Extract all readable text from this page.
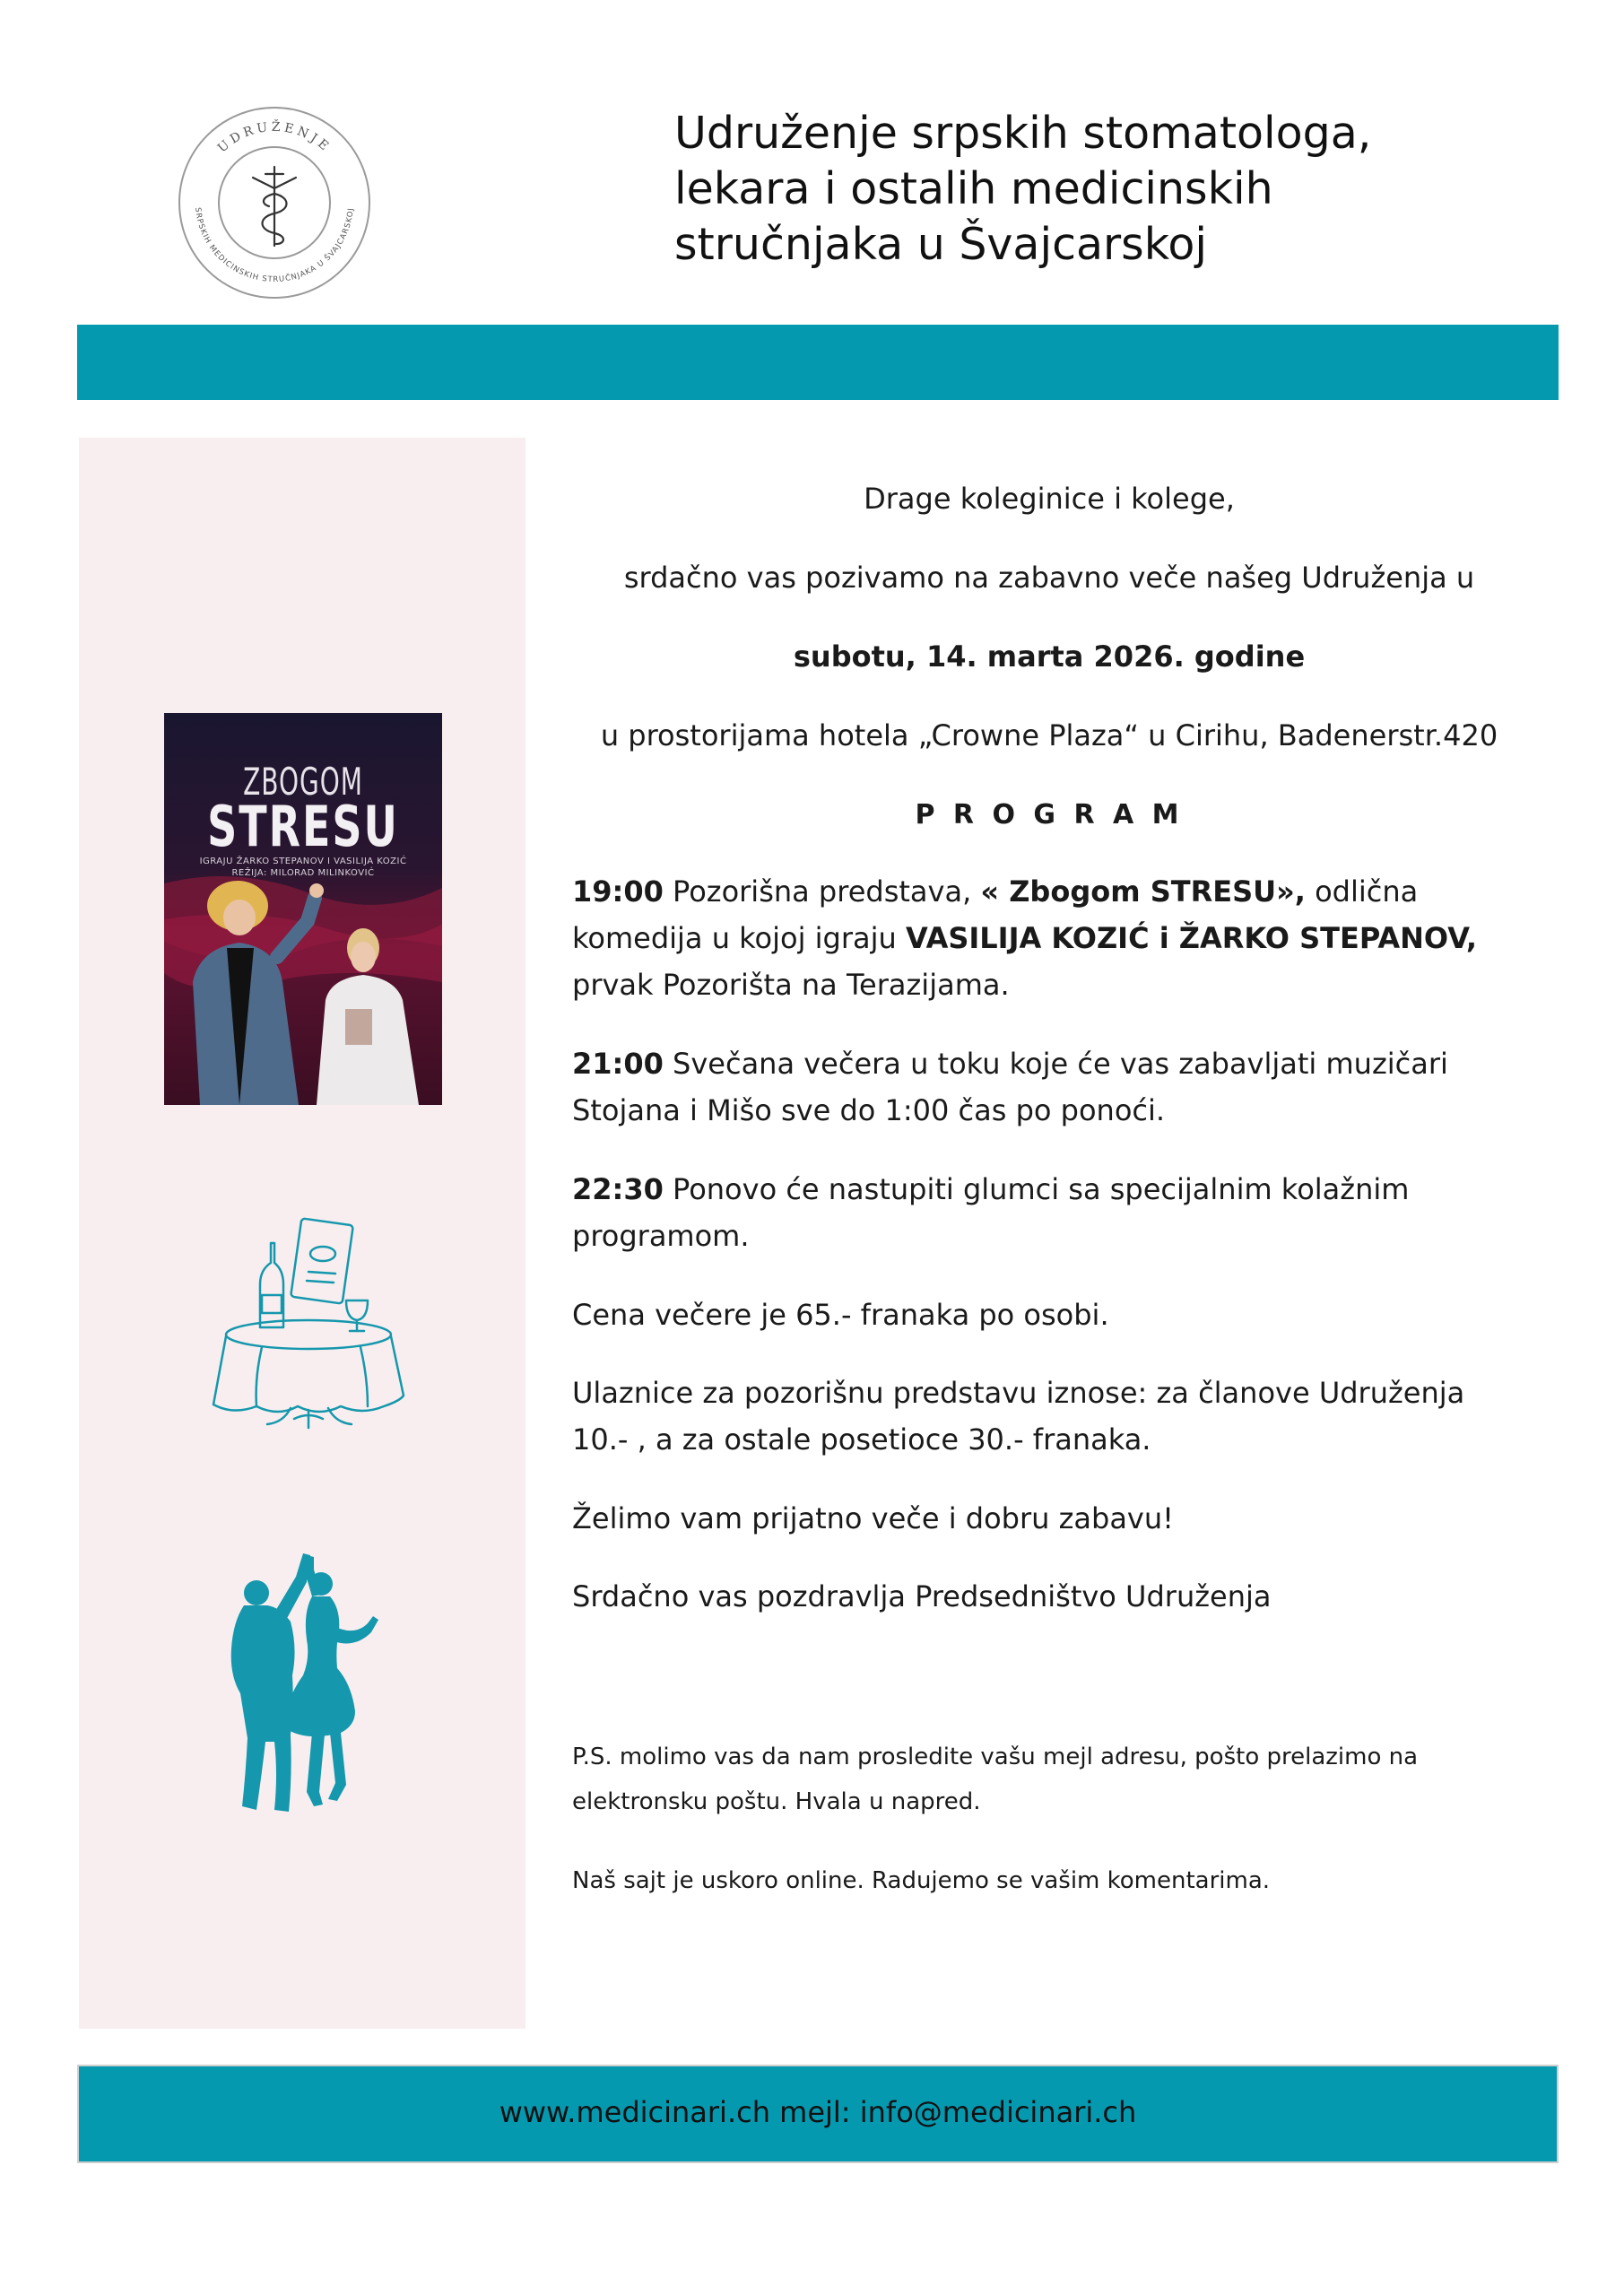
UDRUŽENJE
SRPSKIH MEDICINSKIH STRUČNJAKA U ŠVAJCARSKOJ
Udruženje srpskih stomatologa,
lekara i ostalih medicinskih
stručnjaka u Švajcarskoj
ZBOGOM
STRESU
IGRAJU ŽARKO STEPANOV I VASILIJA KOZIĆ
REŽIJA: MILORAD MILINKOVIĆ
Drage koleginice i kolege,
srdačno vas pozivamo na zabavno veče našeg Udruženja u
subotu, 14. marta 2026. godine
u prostorijama hotela „Crowne Plaza“ u Cirihu, Badenerstr.420
P R O G R A M
19:00 Pozorišna predstava, « Zbogom STRESU», odlična
komedija u kojoj igraju VASILIJA KOZIĆ i ŽARKO STEPANOV,
prvak Pozorišta na Terazijama.
21:00 Svečana večera u toku koje će vas zabavljati muzičari
Stojana i Mišo sve do 1:00 čas po ponoći.
22:30 Ponovo će nastupiti glumci sa specijalnim kolažnim
programom.
Cena večere je 65.- franaka po osobi.
Ulaznice za pozorišnu predstavu iznose: za članove Udruženja
10.- , a za ostale posetioce 30.- franaka.
Želimo vam prijatno veče i dobru zabavu!
Srdačno vas pozdravlja Predsedništvo Udruženja
P.S. molimo vas da nam prosledite vašu mejl adresu, pošto prelazimo na
elektronsku poštu. Hvala u napred.
Naš sajt je uskoro online. Radujemo se vašim komentarima.
www.medicinari.ch mejl: info@medicinari.ch
